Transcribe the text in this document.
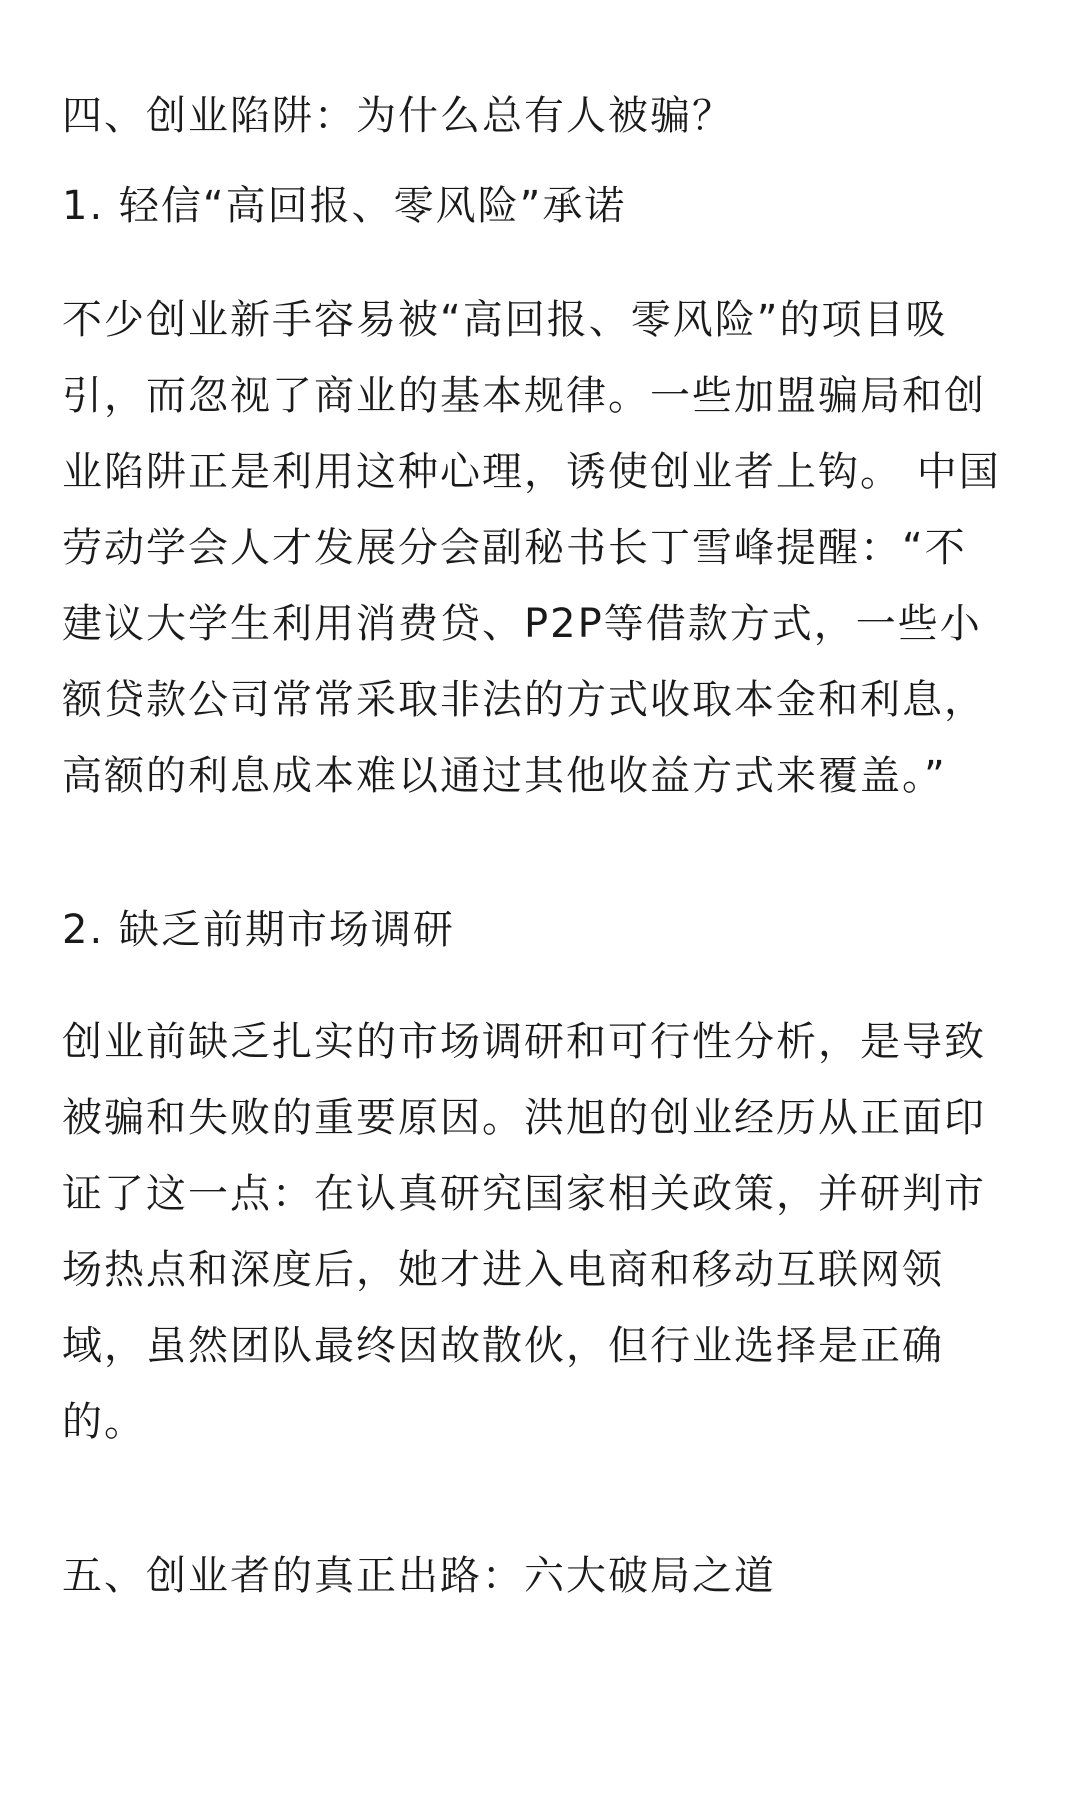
四、创业陷阱：为什么总有人被骗？
1. 轻信“高回报、零风险”承诺
不少创业新手容易被“高回报、零风险”的项目吸
引，而忽视了商业的基本规律。一些加盟骗局和创
业陷阱正是利用这种心理，诱使创业者上钩。 中国
劳动学会人才发展分会副秘书长丁雪峰提醒：“不
建议大学生利用消费贷、P2P等借款方式，一些小
额贷款公司常常采取非法的方式收取本金和利息，
高额的利息成本难以通过其他收益方式来覆盖。”
2. 缺乏前期市场调研
创业前缺乏扎实的市场调研和可行性分析，是导致
被骗和失败的重要原因。洪旭的创业经历从正面印
证了这一点：在认真研究国家相关政策，并研判市
场热点和深度后，她才进入电商和移动互联网领
域，虽然团队最终因故散伙，但行业选择是正确
的。
五、创业者的真正出路：六大破局之道
